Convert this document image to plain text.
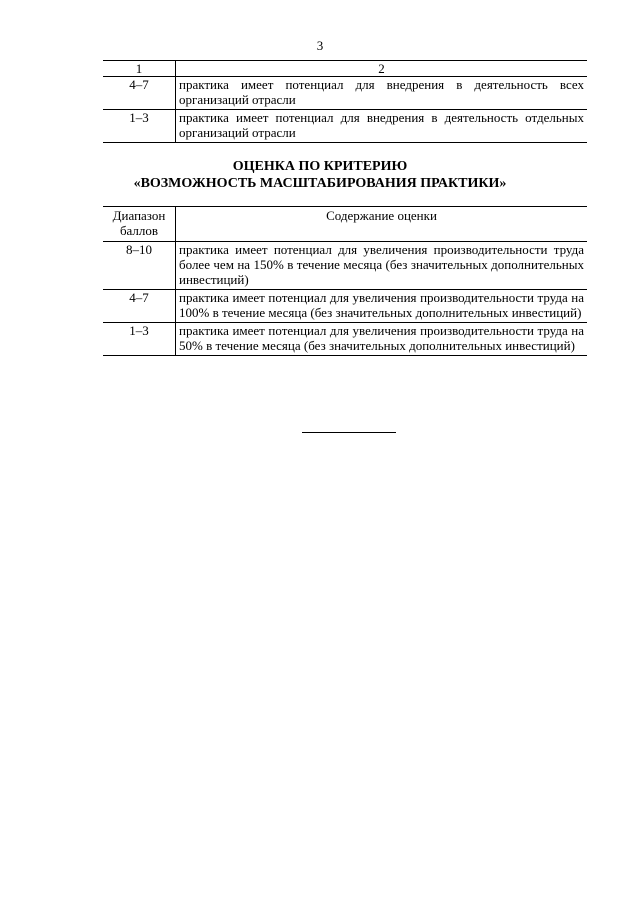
3
1	2
4–7	практика имеет потенциал для внедрения в деятельность всех организаций отрасли
1–3	практика имеет потенциал для внедрения в деятельность отдельных организаций отрасли
ОЦЕНКА ПО КРИТЕРИЮ
«ВОЗМОЖНОСТЬ МАСШТАБИРОВАНИЯ ПРАКТИКИ»
Диапазон баллов	Содержание оценки
8–10	практика имеет потенциал для увеличения производительности труда более чем на 150% в течение месяца (без значительных дополнительных инвестиций)
4–7	практика имеет потенциал для увеличения производительности труда на 100% в течение месяца (без значительных дополнительных инвестиций)
1–3	практика имеет потенциал для увеличения производительности труда на 50% в течение месяца (без значительных дополнительных инвестиций)
